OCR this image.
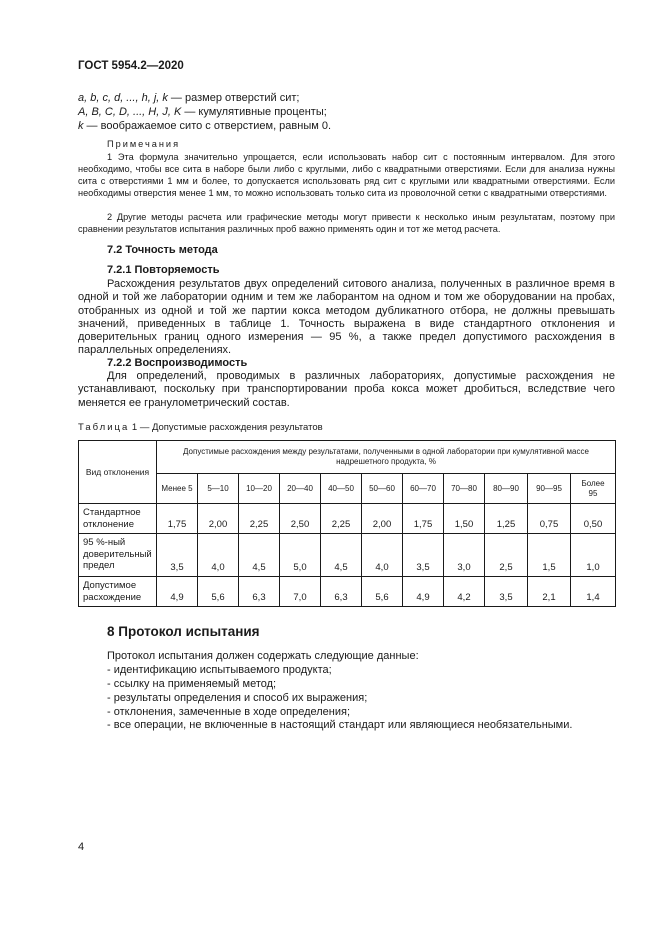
ГОСТ 5954.2—2020
a, b, c, d, ..., h, j, k — размер отверстий сит;
A, B, C, D, ..., H, J, K — кумулятивные проценты;
k — воображаемое сито с отверстием, равным 0.
Примечания

1 Эта формула значительно упрощается, если использовать набор сит с постоянным интервалом. Для этого необходимо, чтобы все сита в наборе были либо с круглыми, либо с квадратными отверстиями. Если для анализа нужны сита с отверстиями 1 мм и более, то допускается использовать ряд сит с круглыми или квадратными отверстиями. Если необходимы отверстия менее 1 мм, то можно использовать только сита из проволочной сетки с квадратными отверстиями.

2 Другие методы расчета или графические методы могут привести к несколько иным результатам, поэтому при сравнении результатов испытания различных проб важно применять один и тот же метод расчета.

7.2 Точность метода
7.2.1 Повторяемость

Расхождения результатов двух определений ситового анализа, полученных в различное время в одной и той же лаборатории одним и тем же лаборантом на одном и том же оборудовании на пробах, отобранных из одной и той же партии кокса методом дубликатного отбора, не должны превышать значений, приведенных в таблице 1. Точность выражена в виде стандартного отклонения и доверительных границ одного измерения — 95 %, а также предел допустимого расхождения в параллельных определениях.

7.2.2 Воспроизводимость

Для определений, проводимых в различных лабораториях, допустимые расхождения не устанавливают, поскольку при транспортировании проба кокса может дробиться, вследствие чего меняется ее гранулометрический состав.

Таблица 1 — Допустимые расхождения результатов
Вид отклонения	Допустимые расхождения между результатами, полученными в одной лаборатории при кумулятивной массе надрешетного продукта, %										
	Менее 5	5—10	10—20	20—40	40—50	50—60	60—70	70—80	80—90	90—95	Более 95
Стандартное отклонение	1,75	2,00	2,25	2,50	2,25	2,00	1,75	1,50	1,25	0,75	0,50
95 %-ный доверительный предел	3,5	4,0	4,5	5,0	4,5	4,0	3,5	3,0	2,5	1,5	1,0
Допустимое расхождение	4,9	5,6	6,3	7,0	6,3	5,6	4,9	4,2	3,5	2,1	1,4
8 Протокол испытания
Протокол испытания должен содержать следующие данные:
- идентификацию испытываемого продукта;
- ссылку на применяемый метод;
- результаты определения и способ их выражения;
- отклонения, замеченные в ходе определения;
- все операции, не включенные в настоящий стандарт или являющиеся необязательными.
4
